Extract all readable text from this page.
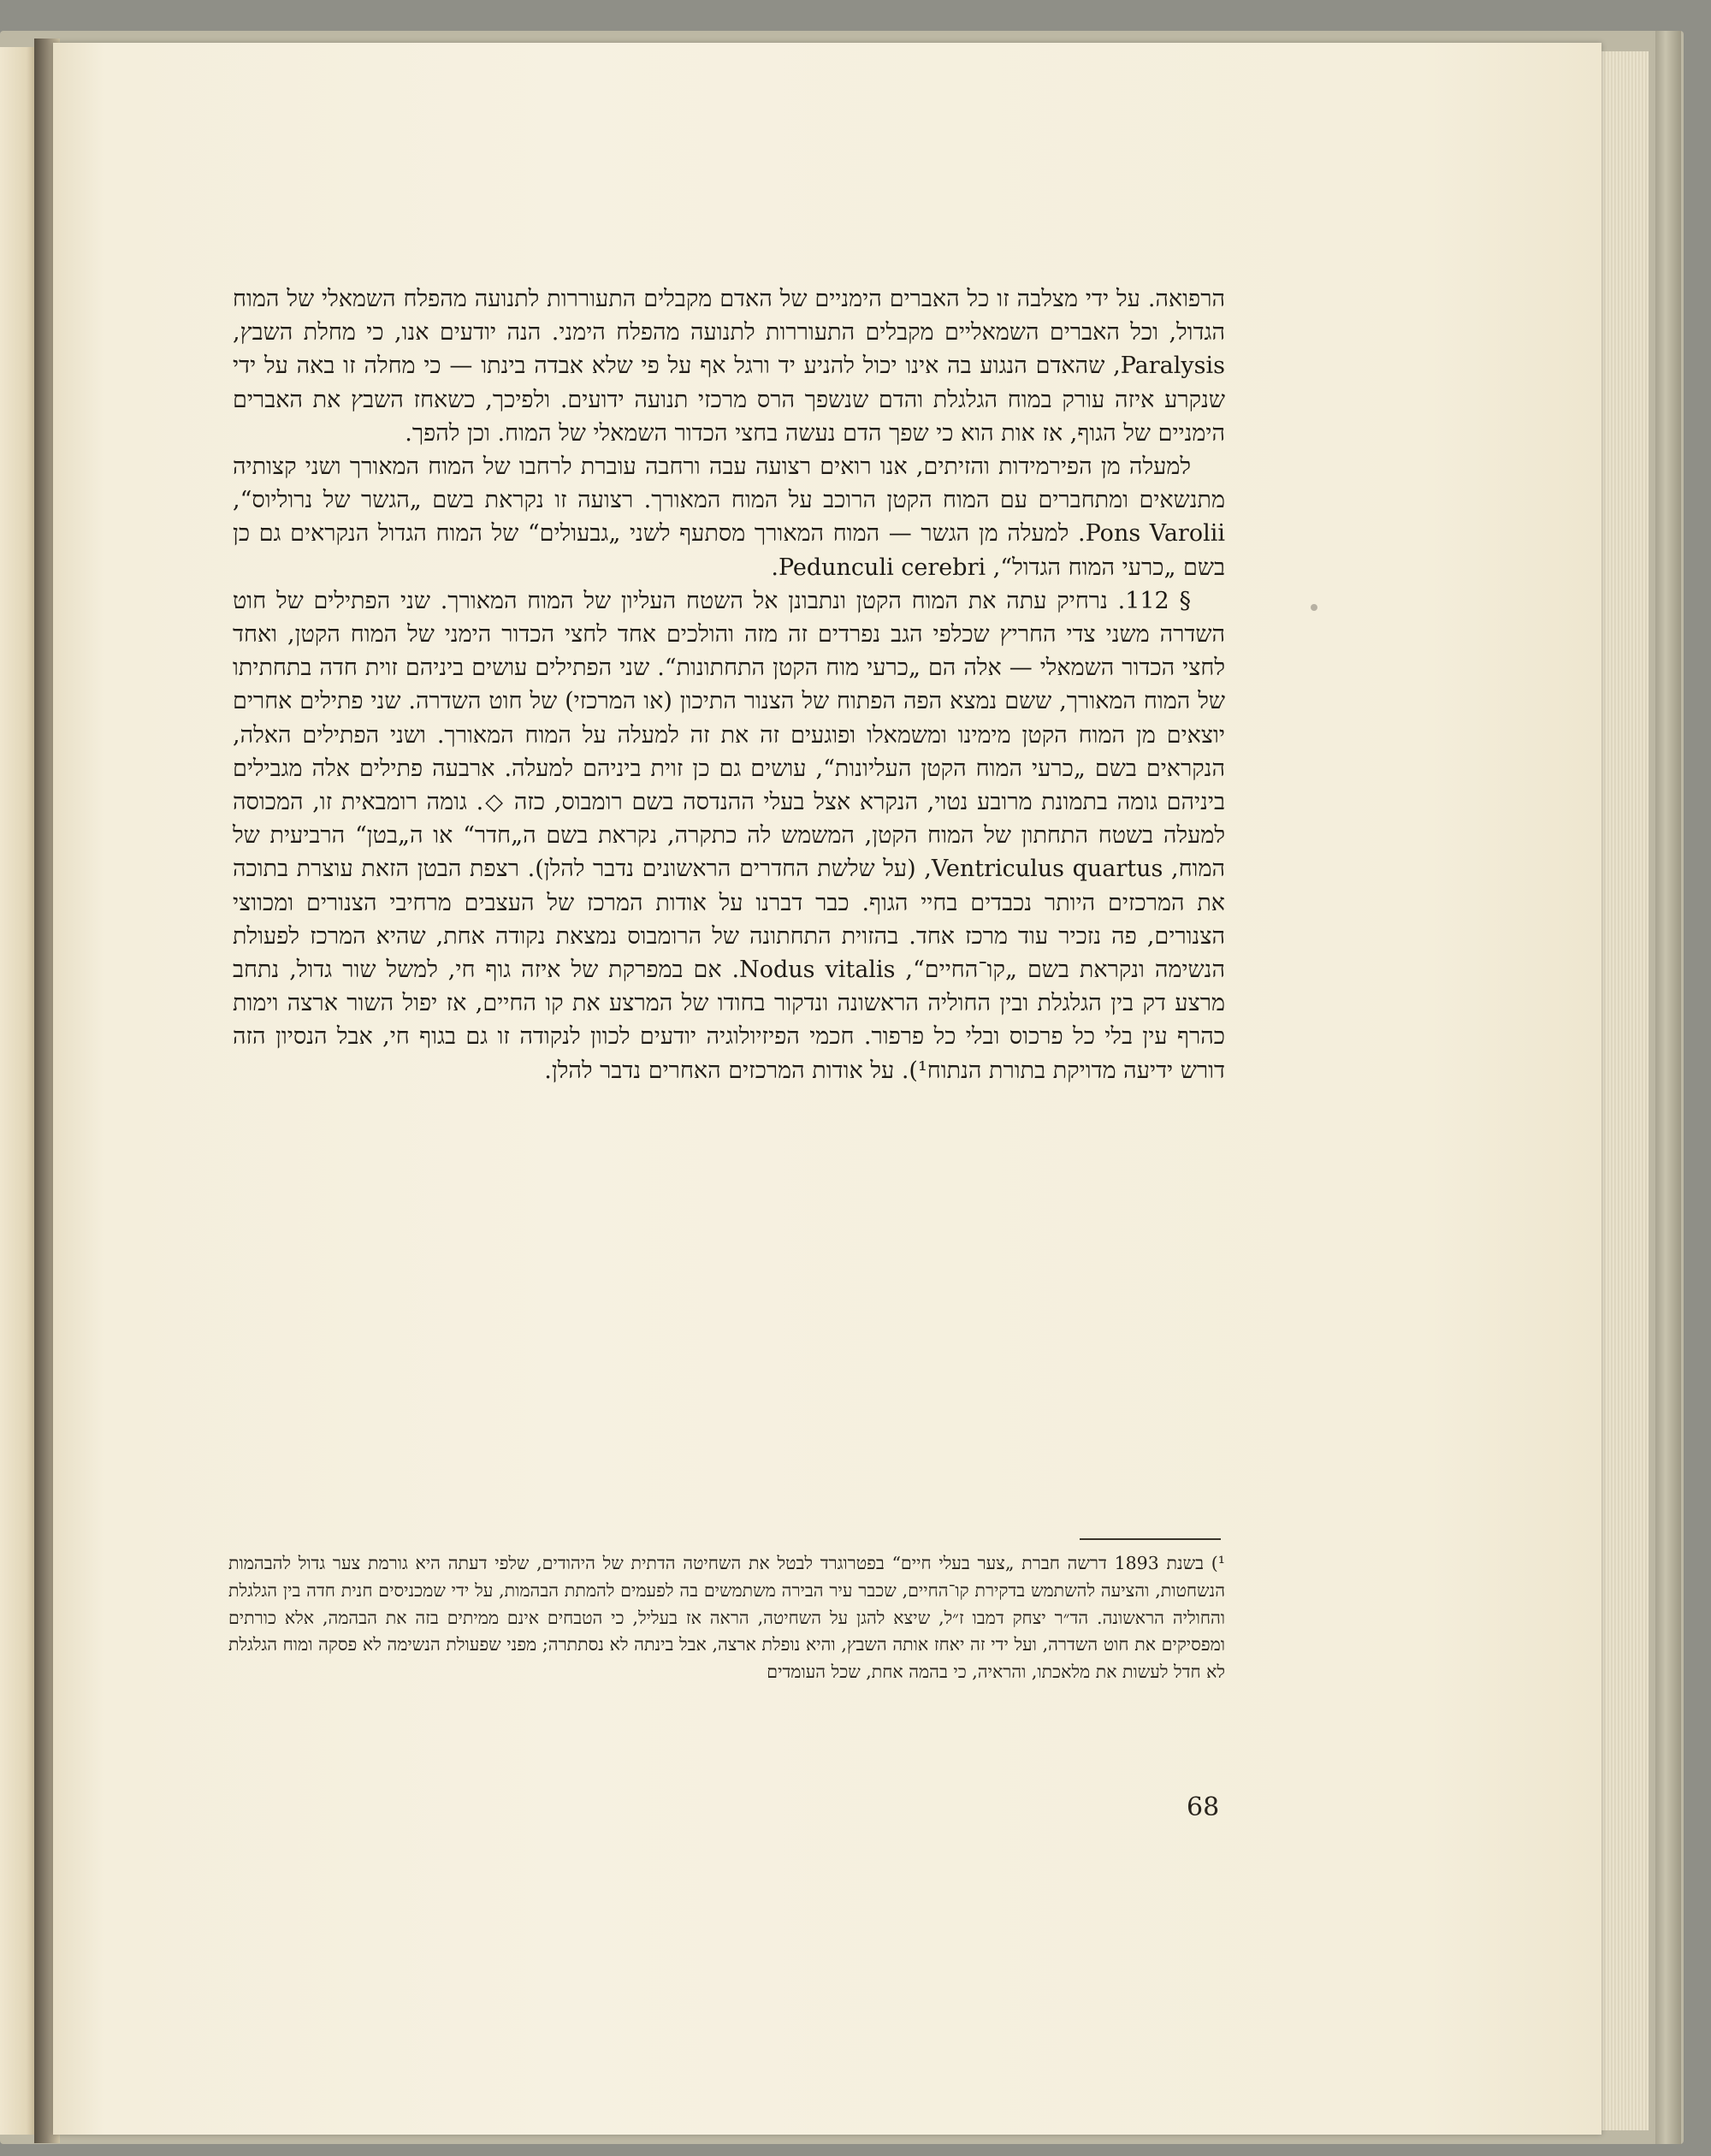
הרפואה. על ידי מצלבה זו כל האברים הימניים של האדם מקבלים התעוררות לתנועה מהפלח השמאלי של המוח הגדול, וכל האברים השמאליים מקבלים התעוררות לתנועה מהפלח הימני. הנה יודעים אנו, כי מחלת השבץ, Paralysis, שהאדם הנגוע בה אינו יכול להניע יד ורגל אף על פי שלא אבדה בינתו — כי מחלה זו באה על ידי שנקרע איזה עורק במוח הגלגלת והדם שנשפך הרס מרכזי תנועה ידועים. ולפיכך, כשאחז השבץ את האברים הימניים של הגוף, אז אות הוא כי שפך הדם נעשה בחצי הכדור השמאלי של המוח. וכן להפך.

למעלה מן הפירמידות והזיתים, אנו רואים רצועה עבה ורחבה עוברת לרחבו של המוח המאורך ושני קצותיה מתנשאים ומתחברים עם המוח הקטן הרוכב על המוח המאורך. רצועה זו נקראת בשם „הגשר של נרוליוס“, Pons Varolii. למעלה מן הגשר — המוח המאורך מסתעף לשני „גבעולים“ של המוח הגדול הנקראים גם כן בשם „כרעי המוח הגדול“, Pedunculi cerebri.

§ 112. נרחיק עתה את המוח הקטן ונתבונן אל השטח העליון של המוח המאורך. שני הפתילים של חוט השדרה משני צדי החריץ שכלפי הגב נפרדים זה מזה והולכים אחד לחצי הכדור הימני של המוח הקטן, ואחד לחצי הכדור השמאלי — אלה הם „כרעי מוח הקטן התחתונות“. שני הפתילים עושים ביניהם זוית חדה בתחתיתו של המוח המאורך, ששם נמצא הפה הפתוח של הצנור התיכון (או המרכזי) של חוט השדרה. שני פתילים אחרים יוצאים מן המוח הקטן מימינו ומשמאלו ופוגעים זה את זה למעלה על המוח המאורך. ושני הפתילים האלה, הנקראים בשם „כרעי המוח הקטן העליונות“, עושים גם כן זוית ביניהם למעלה. ארבעה פתילים אלה מגבילים ביניהם גומה בתמונת מרובע נטוי, הנקרא אצל בעלי ההנדסה בשם רומבוס, כזה ◇. גומה רומבאית זו, המכוסה למעלה בשטח התחתון של המוח הקטן, המשמש לה כתקרה, נקראת בשם ה„חדר“ או ה„בטן“ הרביעית של המוח, Ventriculus quartus, (על שלשת החדרים הראשונים נדבר להלן). רצפת הבטן הזאת עוצרת בתוכה את המרכזים היותר נכבדים בחיי הגוף. כבר דברנו על אודות המרכז של העצבים מרחיבי הצנורים ומכווצי הצנורים, פה נזכיר עוד מרכז אחד. בהזוית התחתונה של הרומבוס נמצאת נקודה אחת, שהיא המרכז לפעולת הנשימה ונקראת בשם „קו־החיים“, Nodus vitalis. אם במפרקת של איזה גוף חי, למשל שור גדול, נתחב מרצע דק בין הגלגלת ובין החוליה הראשונה ונדקור בחודו של המרצע את קו החיים, אז יפול השור ארצה וימות כהרף עין בלי כל פרכוס ובלי כל פרפור. חכמי הפיזיולוגיה יודעים לכוון לנקודה זו גם בגוף חי, אבל הנסיון הזה דורש ידיעה מדויקת בתורת הנתוח¹). על אודות המרכזים האחרים נדבר להלן.

¹) בשנת 1893 דרשה חברת „צער בעלי חיים“ בפטרוגרד לבטל את השחיטה הדתית של היהודים, שלפי דעתה היא גורמת צער גדול להבהמות הנשחטות, והציעה להשתמש בדקירת קו־החיים, שכבר עיר הבירה משתמשים בה לפעמים להמתת הבהמות, על ידי שמכניסים חנית חדה בין הגלגלת והחוליה הראשונה. הד״ר יצחק דמבו ז״ל, שיצא להגן על השחיטה, הראה אז בעליל, כי הטבחים אינם ממיתים בזה את הבהמה, אלא כורתים ומפסיקים את חוט השדרה, ועל ידי זה יאחז אותה השבץ, והיא נופלת ארצה, אבל בינתה לא נסתתרה; מפני שפעולת הנשימה לא פסקה ומוח הגלגלת לא חדל לעשות את מלאכתו, והראיה, כי בהמה אחת, שכל העומדים

68
